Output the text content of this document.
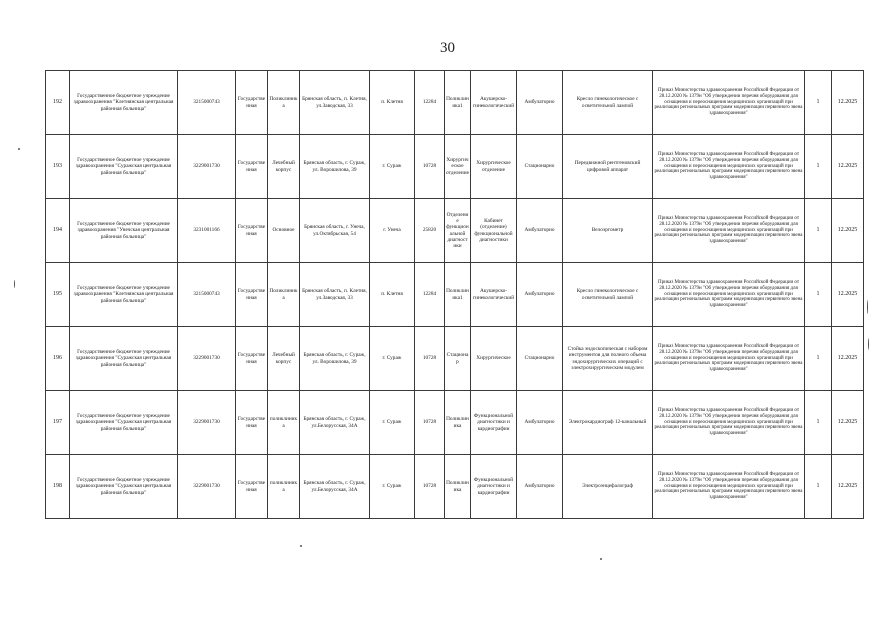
30
192	Государственное бюджетное учреждение здравоохранения "Клетнянская центральная районная больница"	3215000743	Государственная	Поликлиника	Брянская область, п. Клетня, ул.Заводская, 33	п. Клетня	12284	Поликлиника1	Акушерско-гинекологический	Амбулаторно	Кресло гинекологическое с осветительной лампой	Приказ Министерства здравоохранения Российской Федерации от 28.12.2020 № 1379н "Об утверждении перечня оборудования для оснащения и переоснащения медицинских организаций при реализации региональных программ модернизации первичного звена здравоохранения"	1	12.2025
193	Государственное бюджетное учреждение здравоохранения "Суражская центральная районная больница"	3229001730	Государственная	Лечебный корпус	Брянская область, г. Сураж, ул. Ворошилова, 39	г. Сураж	10728	Хирургическое отделение	Хирургическое отделение	Стационарно	Передвижной рентгеновский цифровой аппарат	Приказ Министерства здравоохранения Российской Федерации от 28.12.2020 № 1379н "Об утверждении перечня оборудования для оснащения и переоснащения медицинских организаций при реализации региональных программ модернизации первичного звена здравоохранения"	1	12.2025
194	Государственное бюджетное учреждение здравоохранения "Унечская центральная районная больница"	3231001166	Государственная	Основное	Брянская область, г. Унеча, ул.Октябрьская, 54	г. Унеча	25820	Отделение функциональной диагностики	Кабинет (отделение) функциональной диагностики	Амбулаторно	Велоэргометр	Приказ Министерства здравоохранения Российской Федерации от 28.12.2020 № 1379н "Об утверждении перечня оборудования для оснащения и переоснащения медицинских организаций при реализации региональных программ модернизации первичного звена здравоохранения"	1	12.2025
195	Государственное бюджетное учреждение здравоохранения "Клетнянская центральная районная больница"	3215000743	Государственная	Поликлиника	Брянская область, п. Клетня, ул.Заводская, 33	п. Клетня	12284	Поликлиника1	Акушерско-гинекологический	Амбулаторно	Кресло гинекологическое с осветительной лампой	Приказ Министерства здравоохранения Российской Федерации от 28.12.2020 № 1379н "Об утверждении перечня оборудования для оснащения и переоснащения медицинских организаций при реализации региональных программ модернизации первичного звена здравоохранения"	1	12.2025
196	Государственное бюджетное учреждение здравоохранения "Суражская центральная районная больница"	3229001730	Государственная	Лечебный корпус	Брянская область, г. Сураж, ул. Ворошилова, 39	г. Сураж	10728	Стационар	Хирургическое	Стационарно	Стойка эндоскопическая с набором инструментов для полного объема эндохирургических операций с электрохирургическим модулем	Приказ Министерства здравоохранения Российской Федерации от 28.12.2020 № 1379н "Об утверждении перечня оборудования для оснащения и переоснащения медицинских организаций при реализации региональных программ модернизации первичного звена здравоохранения"	1	12.2025
197	Государственное бюджетное учреждение здравоохранения "Суражская центральная районная больница"	3229001730	Государственная	поликлиника	Брянская область, г. Сураж, ул.Белорусская, 34А	г. Сураж	10728	Поликлиника	Функциональной диагностики и кардиографии	Амбулаторно	Электрокардиограф 12-канальный	Приказ Министерства здравоохранения Российской Федерации от 28.12.2020 № 1379н "Об утверждении перечня оборудования для оснащения и переоснащения медицинских организаций при реализации региональных программ модернизации первичного звена здравоохранения"	1	12.2025
198	Государственное бюджетное учреждение здравоохранения "Суражская центральная районная больница"	3229001730	Государственная	поликлиника	Брянская область, г. Сураж, ул.Белорусская, 34А	г. Сураж	10728	Поликлиника	Функциональной диагностики и кардиографии	Амбулаторно	Электроэнцефалограф	Приказ Министерства здравоохранения Российской Федерации от 28.12.2020 № 1379н "Об утверждении перечня оборудования для оснащения и переоснащения медицинских организаций при реализации региональных программ модернизации первичного звена здравоохранения"	1	12.2025
